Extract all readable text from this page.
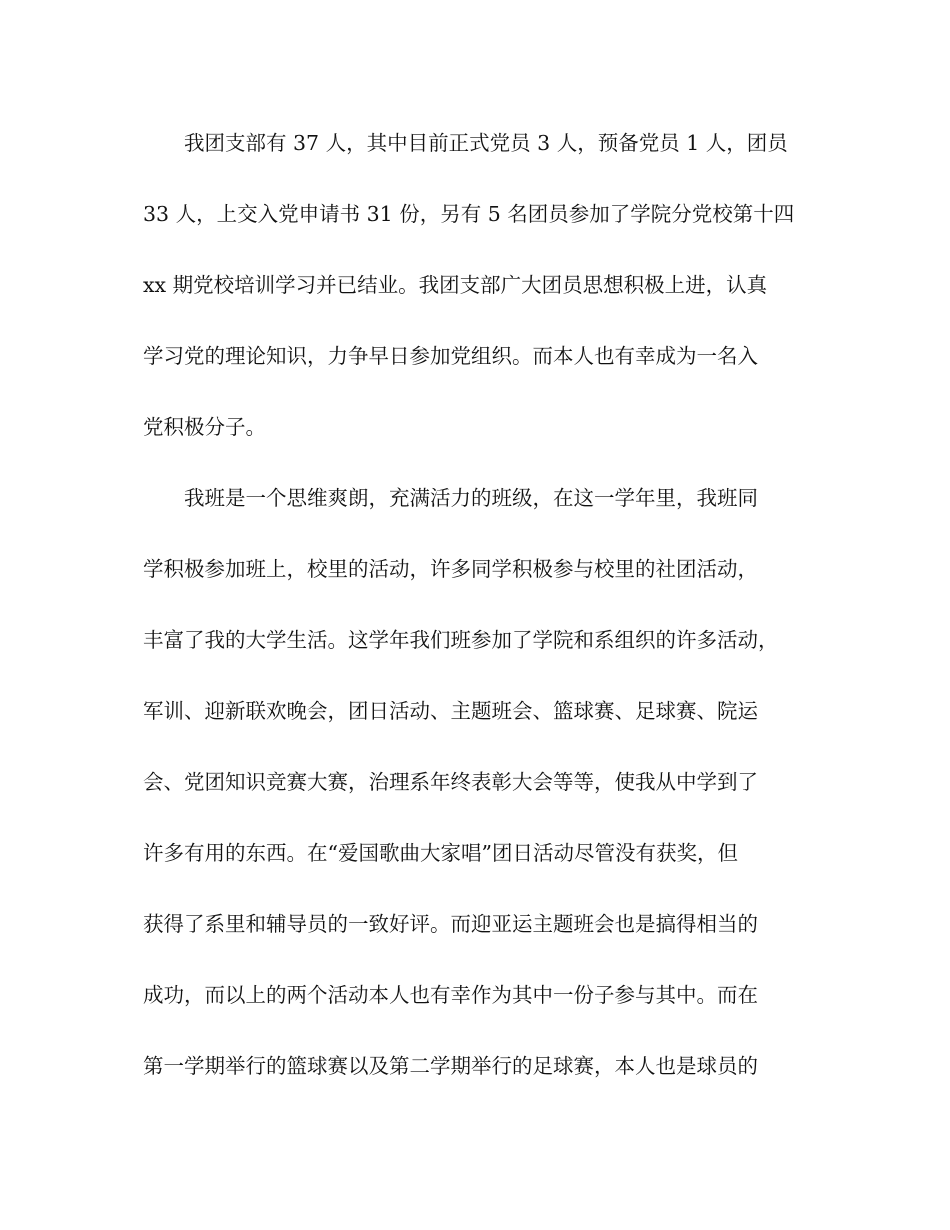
我团支部有 37 人，其中目前正式党员 3 人，预备党员 1 人，团员
33 人，上交入党申请书 31 份，另有 5 名团员参加了学院分党校第十四
xx 期党校培训学习并已结业。我团支部广大团员思想积极上进，认真
学习党的理论知识，力争早日参加党组织。而本人也有幸成为一名入
党积极分子。
我班是一个思维爽朗，充满活力的班级，在这一学年里，我班同
学积极参加班上，校里的活动，许多同学积极参与校里的社团活动，
丰富了我的大学生活。这学年我们班参加了学院和系组织的许多活动，
军训、迎新联欢晚会，团日活动、主题班会、篮球赛、足球赛、院运
会、党团知识竞赛大赛，治理系年终表彰大会等等，使我从中学到了
许多有用的东西。在“爱国歌曲大家唱”团日活动尽管没有获奖，但
获得了系里和辅导员的一致好评。而迎亚运主题班会也是搞得相当的
成功，而以上的两个活动本人也有幸作为其中一份子参与其中。而在
第一学期举行的篮球赛以及第二学期举行的足球赛，本人也是球员的
